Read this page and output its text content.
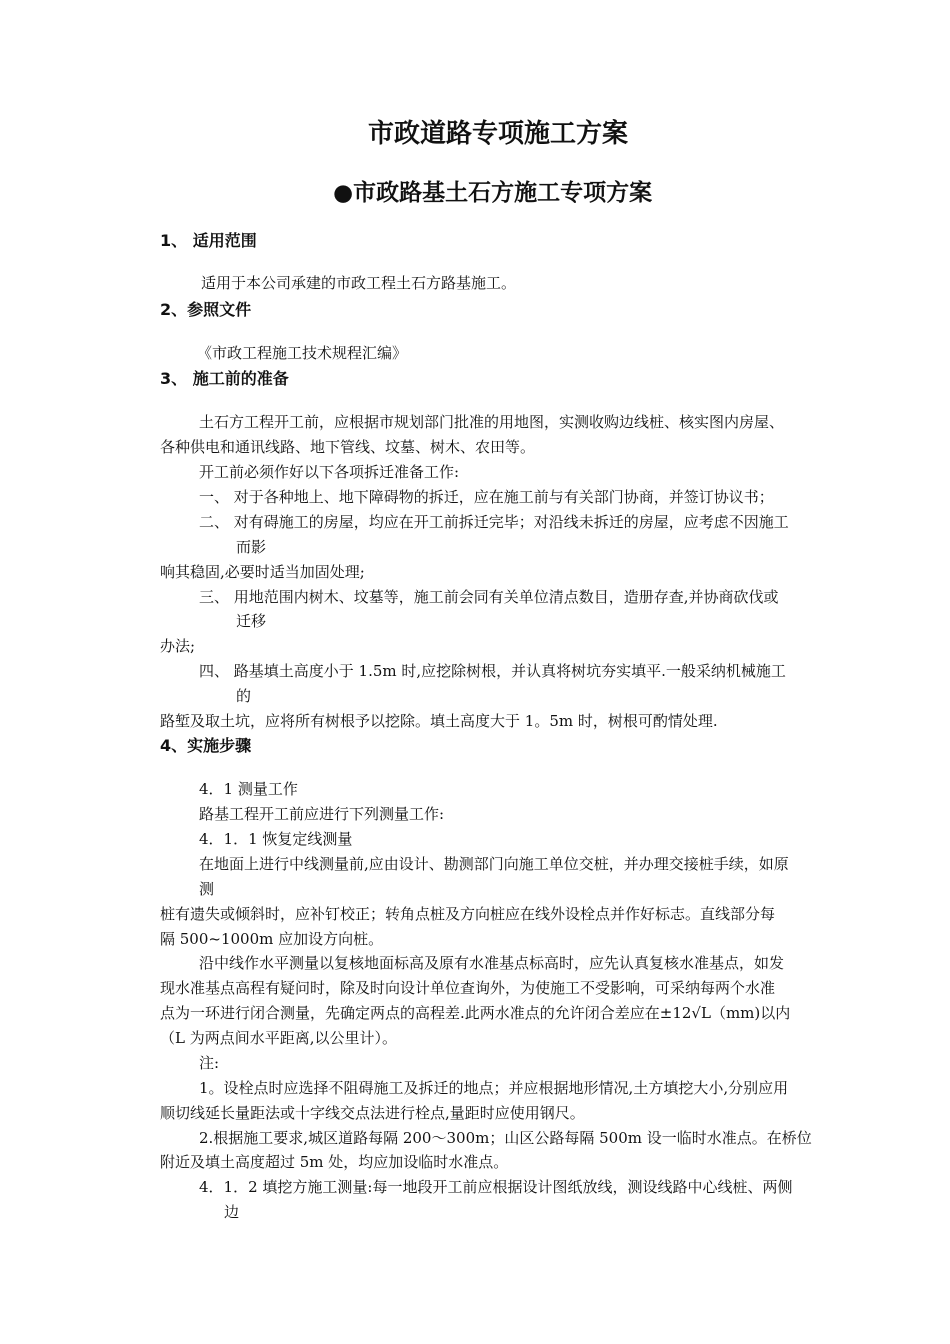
市政道路专项施工方案
●市政路基土石方施工专项方案
1、 适用范围
适用于本公司承建的市政工程土石方路基施工。
2、参照文件
《市政工程施工技术规程汇编》
3、 施工前的准备
土石方工程开工前，应根据市规划部门批准的用地图，实测收购边线桩、核实图内房屋、
各种供电和通讯线路、地下管线、坟墓、树木、农田等。
开工前必须作好以下各项拆迁准备工作:
一、 对于各种地上、地下障碍物的拆迁，应在施工前与有关部门协商，并签订协议书；
二、 对有碍施工的房屋，均应在开工前拆迁完毕；对沿线未拆迁的房屋，应考虑不因施工
而影
响其稳固,必要时适当加固处理;
三、 用地范围内树木、坟墓等，施工前会同有关单位清点数目，造册存查,并协商砍伐或
迁移
办法;
四、 路基填土高度小于 1.5m 时,应挖除树根，并认真将树坑夯实填平.一般采纳机械施工
的
路堑及取土坑，应将所有树根予以挖除。填土高度大于 1。5m 时，树根可酌情处理.
4、实施步骤
4．1 测量工作
路基工程开工前应进行下列测量工作:
4．1．1 恢复定线测量
在地面上进行中线测量前,应由设计、勘测部门向施工单位交桩，并办理交接桩手续，如原
测
桩有遗失或倾斜时，应补钉校正；转角点桩及方向桩应在线外设栓点并作好标志。直线部分每
隔 500~1000m 应加设方向桩。
沿中线作水平测量以复核地面标高及原有水准基点标高时，应先认真复核水准基点，如发
现水准基点高程有疑问时，除及时向设计单位查询外，为使施工不受影响，可采纳每两个水准
点为一环进行闭合测量，先确定两点的高程差.此两水准点的允许闭合差应在±12√L（mm)以内
（L 为两点间水平距离,以公里计）。
注:
1。设栓点时应选择不阻碍施工及拆迁的地点；并应根据地形情况,土方填挖大小,分别应用
顺切线延长量距法或十字线交点法进行栓点,量距时应使用钢尺。
2.根据施工要求,城区道路每隔 200～300m；山区公路每隔 500m 设一临时水准点。在桥位
附近及填土高度超过 5m 处，均应加设临时水准点。
4．1．2 填挖方施工测量:每一地段开工前应根据设计图纸放线，测设线路中心线桩、两侧
边
